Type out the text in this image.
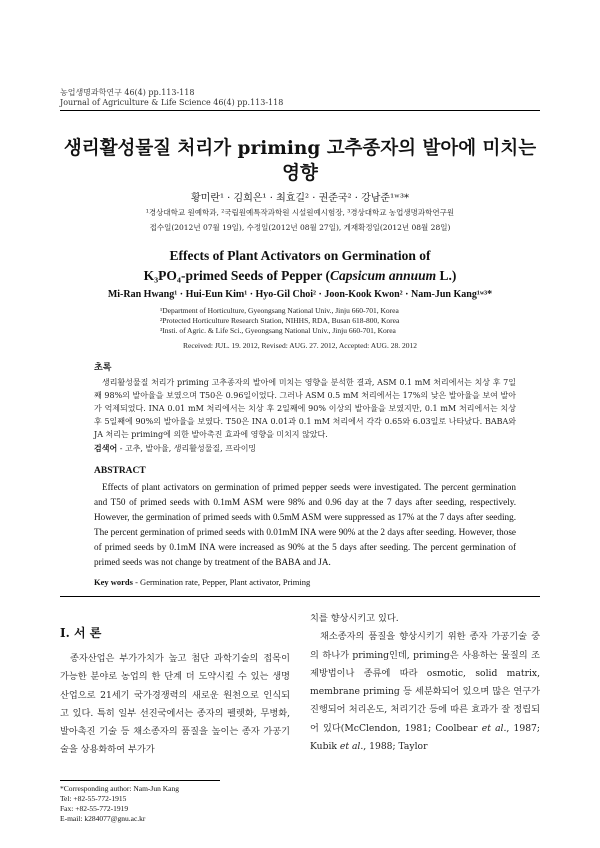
농업생명과학연구 46(4) pp.113-118
Journal of Agriculture & Life Science 46(4) pp.113-118
생리활성물질 처리가 priming 고추종자의 발아에 미치는
영향
황미란¹ · 김희은¹ · 최효길² · 권준국² · 강남준¹ʷ³*
¹경상대학교 원예학과, ²국립원예특작과학원 시설원예시험장, ³경상대학교 농업생명과학연구원
접수일(2012년 07월 19일), 수정일(2012년 08월 27일), 게재확정일(2012년 08월 28일)
Effects of Plant Activators on Germination of
K₃PO₄-primed Seeds of Pepper (Capsicum annuum L.)
Mi-Ran Hwang¹ · Hui-Eun Kim¹ · Hyo-Gil Choi² · Joon-Kook Kwon² · Nam-Jun Kang¹ʷ³*
¹Department of Horticulture, Gyeongsang National Univ., Jinju 660-701, Korea
²Protected Horticulture Research Station, NIHHS, RDA, Busan 618-800, Korea
³Insti. of Agric. & Life Sci., Gyeongsang National Univ., Jinju 660-701, Korea
Received: JUL. 19. 2012, Revised: AUG. 27. 2012, Accepted: AUG. 28. 2012
초록
생리활성물질 처리가 priming 고추종자의 발아에 미치는 영향을 분석한 결과, ASM 0.1 mM 처리에서는 치상 후 7일째 98%의 발아율을 보였으며 T50은 0.96일이었다. 그러나 ASM 0.5 mM 처리에서는 17%의 낮은 발아율을 보여 발아가 억제되었다. INA 0.01 mM 처리에서는 치상 후 2일째에 90% 이상의 발아율을 보였지만, 0.1 mM 처리에서는 치상 후 5일째에 90%의 발아율을 보였다. T50은 INA 0.01과 0.1 mM 처리에서 각각 0.65와 6.03일로 나타났다. BABA와 JA 처리는 priming에 의한 발아촉진 효과에 영향을 미치지 않았다.
검색어 - 고추, 발아율, 생리활성물질, 프라이밍
ABSTRACT
Effects of plant activators on germination of primed pepper seeds were investigated. The percent germination and T50 of primed seeds with 0.1mM ASM were 98% and 0.96 day at the 7 days after seeding, respectively. However, the germination of primed seeds with 0.5mM ASM were suppressed as 17% at the 7 days after seeding. The percent germination of primed seeds with 0.01mM INA were 90% at the 2 days after seeding. However, those of primed seeds by 0.1mM INA were increased as 90% at the 5 days after seeding. The percent germination of primed seeds was not change by treatment of the BABA and JA.
Key words - Germination rate, Pepper, Plant activator, Priming
Ⅰ. 서 론

종자산업은 부가가치가 높고 첨단 과학기술의 접목이 가능한 분야로 농업의 한 단계 더 도약시킬 수 있는 생명산업으로 21세기 국가경쟁력의 새로운 원천으로 인식되고 있다. 특히 일부 선진국에서는 종자의 펠렛화, 무병화, 발아촉진 기술 등 채소종자의 품질을 높이는 종자 가공기술을 상용화하여 부가가

치를 향상시키고 있다.

채소종자의 품질을 향상시키기 위한 종자 가공기술 중의 하나가 priming인데, priming은 사용하는 물질의 조제방법이나 종류에 따라 osmotic, solid matrix, membrane priming 등 세분화되어 있으며 많은 연구가 진행되어 처리온도, 처리기간 등에 따른 효과가 잘 정립되어 있다(McClendon, 1981; Coolbear et al., 1987; Kubik et al., 1988; Taylor

*Corresponding author: Nam-Jun Kang
Tel: +82-55-772-1915
Fax: +82-55-772-1919
E-mail: k284077@gnu.ac.kr
